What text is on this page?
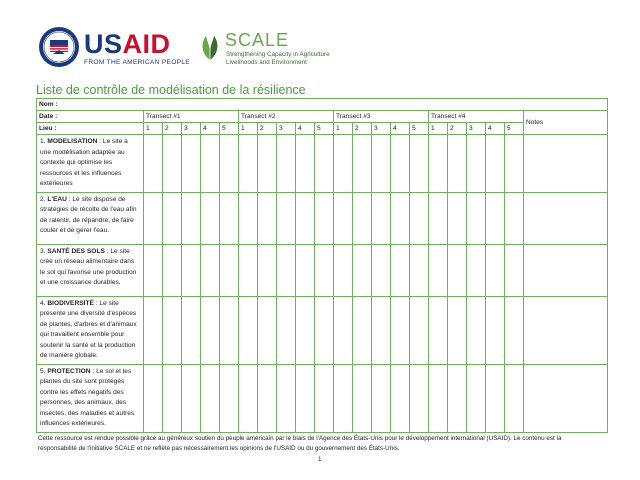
USAID
FROM THE AMERICAN PEOPLE
SCALE
Strengthening Capacity in Agriculture
Livelihoods and Environment
Liste de contrôle de modélisation de la résilience
Nom :																					
Date :	Transect #1					Transect #2					Transect #3					Transect #4					Notes
Lieu :	1	2	3	4	5	1	2	3	4	5	1	2	3	4	5	1	2	3	4	5	
1. MODELISATION : Le site a une modélisation adaptée au contexte qui optimise les ressources et les influences extérieures																					
2. L'EAU : Le site dispose de stratégies de récolte de l'eau afin de ralentir, de répandre, de faire couler et de gérer l'eau.																					
3. SANTÉ DES SOLS : Le site crée un réseau alimentaire dans le sol qui favorise une production et une croissance durables.																					
4. BIODIVERSITÉ : Le site présente une diversité d'espèces de plantes, d'arbres et d'animaux qui travaillent ensemble pour soutenir la santé et la production de manière globale.																					
5. PROTECTION : Le sol et les plantes du site sont protégés contre les effets négatifs des personnes, des animaux, des insectes, des maladies et autres influences extérieures.																					
Cette ressource est rendue possible grâce au généreux soutien du peuple américain par le biais de l'Agence des États-Unis pour le développement international (USAID). Le contenu est la responsabilité de l'initiative SCALE et ne reflète pas nécessairement les opinions de l'USAID ou du gouvernement des États-Unis.
1
